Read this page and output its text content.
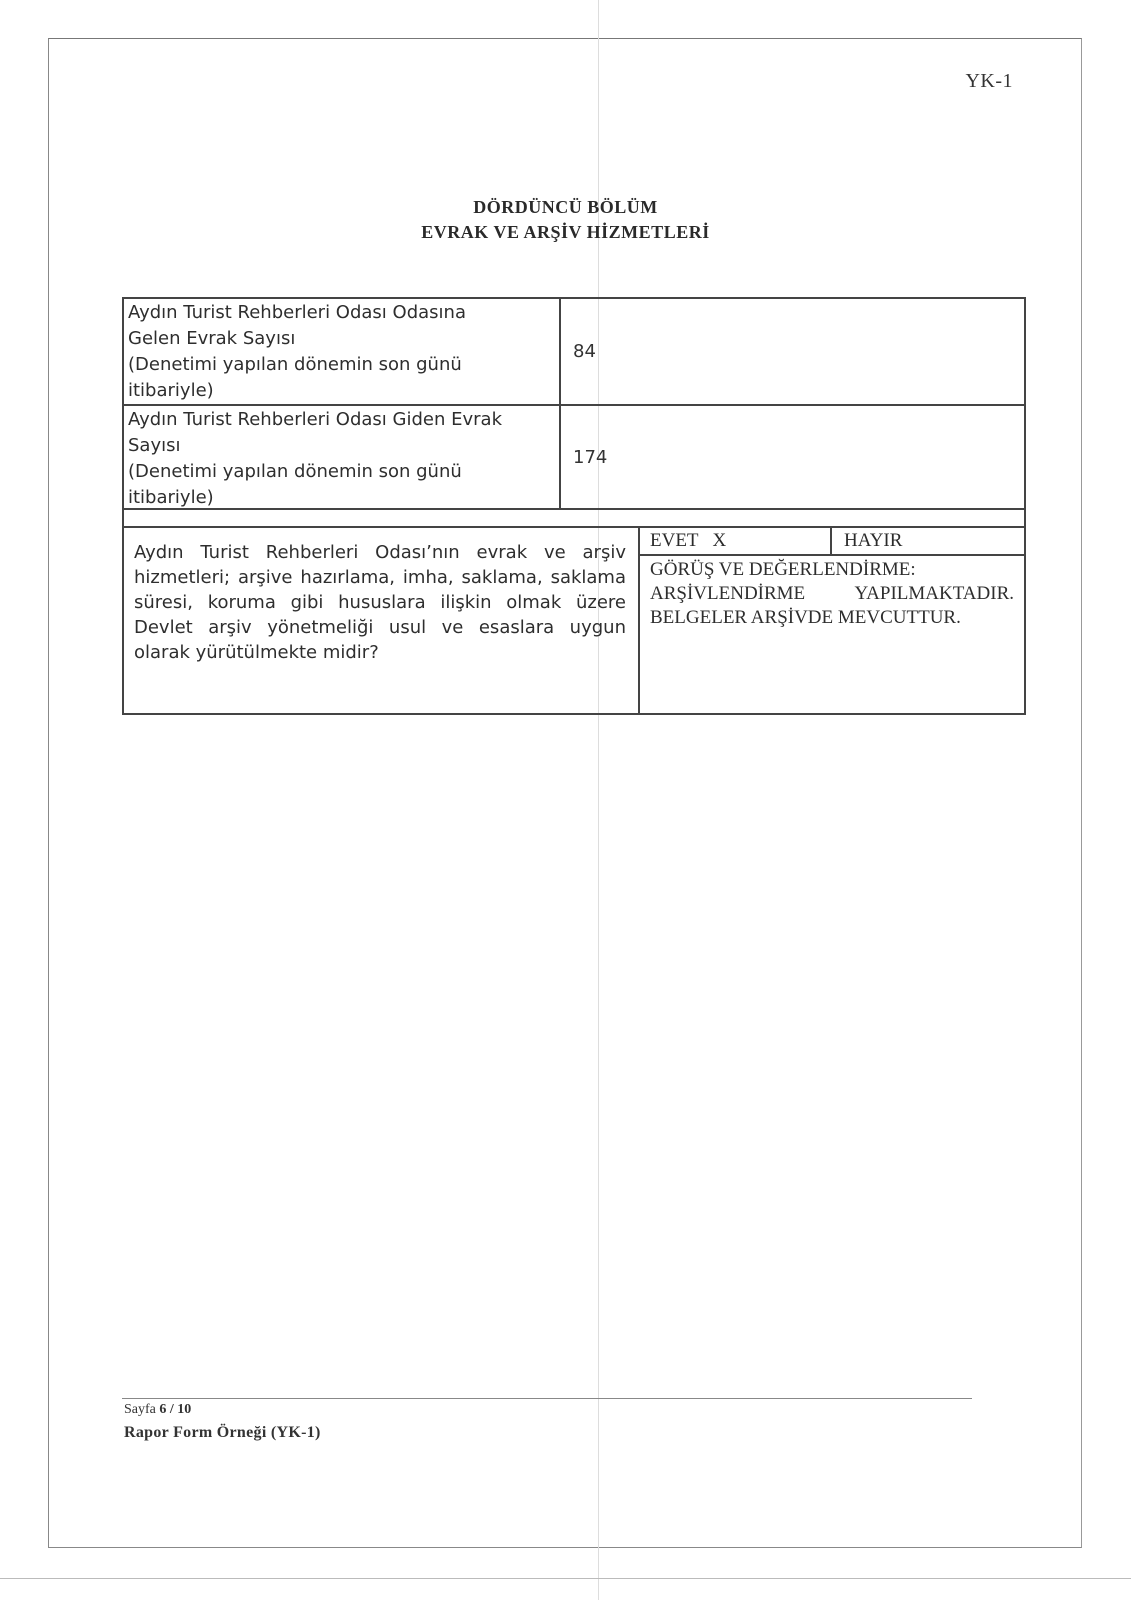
YK-1
DÖRDÜNCÜ BÖLÜM
EVRAK VE ARŞİV HİZMETLERİ
Aydın Turist Rehberleri Odası Odasına
Gelen Evrak Sayısı
(Denetimi yapılan dönemin son günü
itibariyle)
84
Aydın Turist Rehberleri Odası Giden Evrak
Sayısı
(Denetimi yapılan dönemin son günü
itibariyle)
174
Aydın Turist Rehberleri Odası’nın evrak ve arşiv hizmetleri; arşive hazırlama, imha, saklama, saklama süresi, koruma gibi hususlara ilişkin olmak üzere Devlet arşiv yönetmeliği usul ve esaslara uygun olarak yürütülmekte midir?
EVET   X	HAYIR
GÖRÜŞ VE DEĞERLENDİRME:
ARŞİVLENDİRME YAPILMAKTADIR. BELGELER ARŞİVDE MEVCUTTUR.
Sayfa 6 / 10
Rapor Form Örneği (YK-1)
